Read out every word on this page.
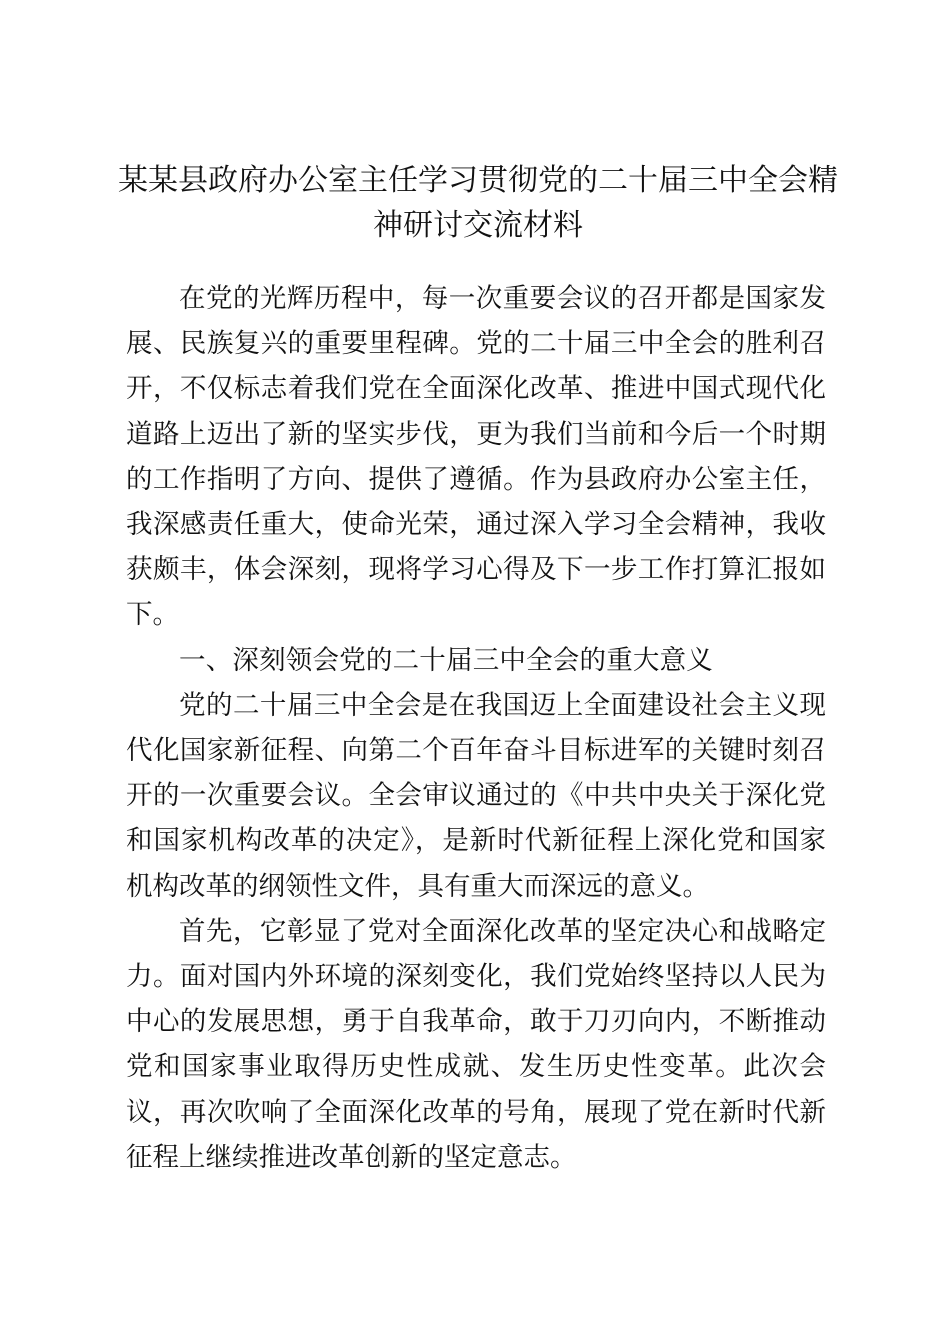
某某县政府办公室主任学习贯彻党的二十届三中全会精神研讨交流材料

在党的光辉历程中，每一次重要会议的召开都是国家发展、民族复兴的重要里程碑。党的二十届三中全会的胜利召开，不仅标志着我们党在全面深化改革、推进中国式现代化道路上迈出了新的坚实步伐，更为我们当前和今后一个时期的工作指明了方向、提供了遵循。作为县政府办公室主任，我深感责任重大，使命光荣，通过深入学习全会精神，我收获颇丰，体会深刻，现将学习心得及下一步工作打算汇报如下。

一、深刻领会党的二十届三中全会的重大意义

党的二十届三中全会是在我国迈上全面建设社会主义现代化国家新征程、向第二个百年奋斗目标进军的关键时刻召开的一次重要会议。全会审议通过的《中共中央关于深化党和国家机构改革的决定》，是新时代新征程上深化党和国家机构改革的纲领性文件，具有重大而深远的意义。

首先，它彰显了党对全面深化改革的坚定决心和战略定力。面对国内外环境的深刻变化，我们党始终坚持以人民为中心的发展思想，勇于自我革命，敢于刀刃向内，不断推动党和国家事业取得历史性成就、发生历史性变革。此次会议，再次吹响了全面深化改革的号角，展现了党在新时代新征程上继续推进改革创新的坚定意志。
